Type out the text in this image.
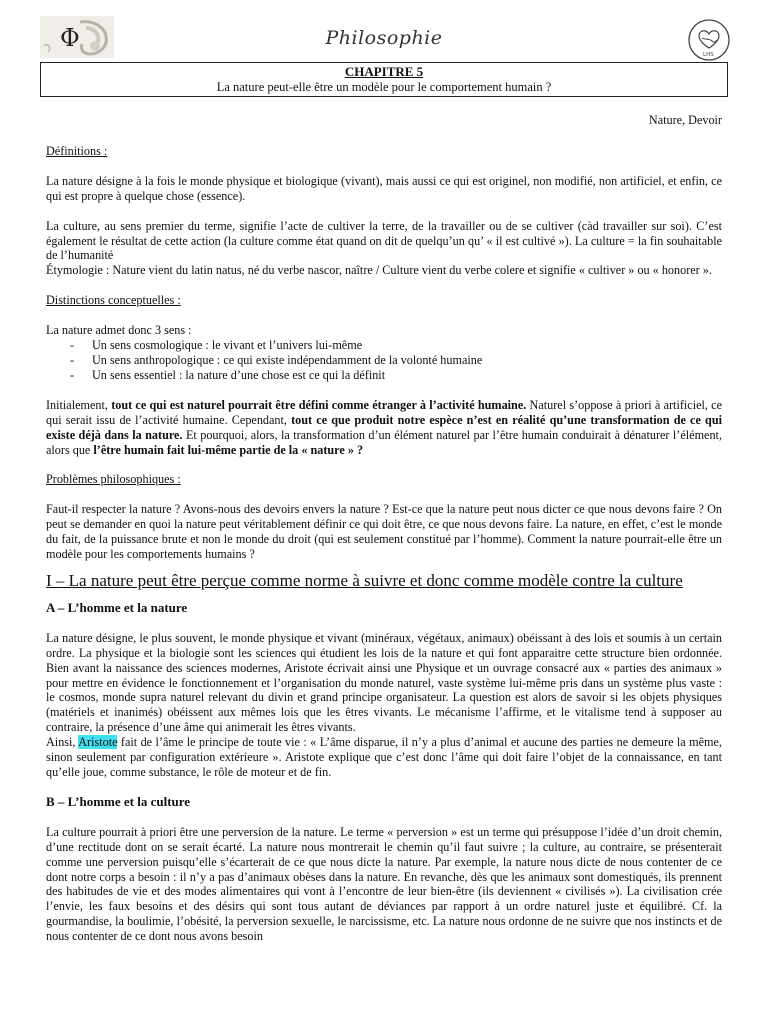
Φ	Philosophie
LHS
CHAPITRE 5
La nature peut-elle être un modèle pour le comportement humain ?

Nature, Devoir

Définitions :

La nature désigne à la fois le monde physique et biologique (vivant), mais aussi ce qui est originel, non modifié, non artificiel, et enfin, ce qui est propre à quelque chose (essence).

La culture, au sens premier du terme, signifie l’acte de cultiver la terre, de la travailler ou de se cultiver (càd travailler sur soi). C’est également le résultat de cette action (la culture comme état quand on dit de quelqu’un qu’ « il est cultivé »). La culture = la fin souhaitable de l’humanité

Étymologie : Nature vient du latin natus, né du verbe nascor, naître / Culture vient du verbe colere et signifie « cultiver » ou « honorer ».

Distinctions conceptuelles :

La nature admet donc 3 sens :

- Un sens cosmologique : le vivant et l’univers lui-même
- Un sens anthropologique : ce qui existe indépendamment de la volonté humaine
- Un sens essentiel : la nature d’une chose est ce qui la définit

Initialement, tout ce qui est naturel pourrait être défini comme étranger à l’activité humaine. Naturel s’oppose à priori à artificiel, ce qui serait issu de l’activité humaine. Cependant, tout ce que produit notre espèce n’est en réalité qu’une transformation de ce qui existe déjà dans la nature. Et pourquoi, alors, la transformation d’un élément naturel par l’être humain conduirait à dénaturer l’élément, alors que l’être humain fait lui-même partie de la « nature » ?

Problèmes philosophiques :

Faut-il respecter la nature ? Avons-nous des devoirs envers la nature ? Est-ce que la nature peut nous dicter ce que nous devons faire ? On peut se demander en quoi la nature peut véritablement définir ce qui doit être, ce que nous devons faire. La nature, en effet, c’est le monde du fait, de la puissance brute et non le monde du droit (qui est seulement constitué par l’homme). Comment la nature pourrait-elle être un modèle pour les comportements humains ?

I – La nature peut être perçue comme norme à suivre et donc comme modèle contre la culture

A – L’homme et la nature

La nature désigne, le plus souvent, le monde physique et vivant (minéraux, végétaux, animaux) obéissant à des lois et soumis à un certain ordre. La physique et la biologie sont les sciences qui étudient les lois de la nature et qui font apparaitre cette structure bien ordonnée. Bien avant la naissance des sciences modernes, Aristote écrivait ainsi une Physique et un ouvrage consacré aux « parties des animaux » pour mettre en évidence le fonctionnement et l’organisation du monde naturel, vaste système lui-même pris dans un système plus vaste : le cosmos, monde supra naturel relevant du divin et grand principe organisateur. La question est alors de savoir si les objets physiques (matériels et inanimés) obéissent aux mêmes lois que les êtres vivants. Le mécanisme l’affirme, et le vitalisme tend à supposer au contraire, la présence d’une âme qui animerait les êtres vivants.

Ainsi, Aristote fait de l’âme le principe de toute vie : « L’âme disparue, il n’y a plus d’animal et aucune des parties ne demeure la même, sinon seulement par configuration extérieure ». Aristote explique que c’est donc l’âme qui doit faire l’objet de la connaissance, en tant qu’elle joue, comme substance, le rôle de moteur et de fin.

B – L’homme et la culture

La culture pourrait à priori être une perversion de la nature. Le terme « perversion » est un terme qui présuppose l’idée d’un droit chemin, d’une rectitude dont on se serait écarté. La nature nous montrerait le chemin qu’il faut suivre ; la culture, au contraire, se présenterait comme une perversion puisqu’elle s’écarterait de ce que nous dicte la nature. Par exemple, la nature nous dicte de nous contenter de ce dont notre corps a besoin : il n’y a pas d’animaux obèses dans la nature. En revanche, dès que les animaux sont domestiqués, ils prennent des habitudes de vie et des modes alimentaires qui vont à l’encontre de leur bien-être (ils deviennent « civilisés »). La civilisation crée l’envie, les faux besoins et des désirs qui sont tous autant de déviances par rapport à un ordre naturel juste et équilibré. Cf. la gourmandise, la boulimie, l’obésité, la perversion sexuelle, le narcissisme, etc. La nature nous ordonne de ne suivre que nos instincts et de nous contenter de ce dont nous avons besoin
